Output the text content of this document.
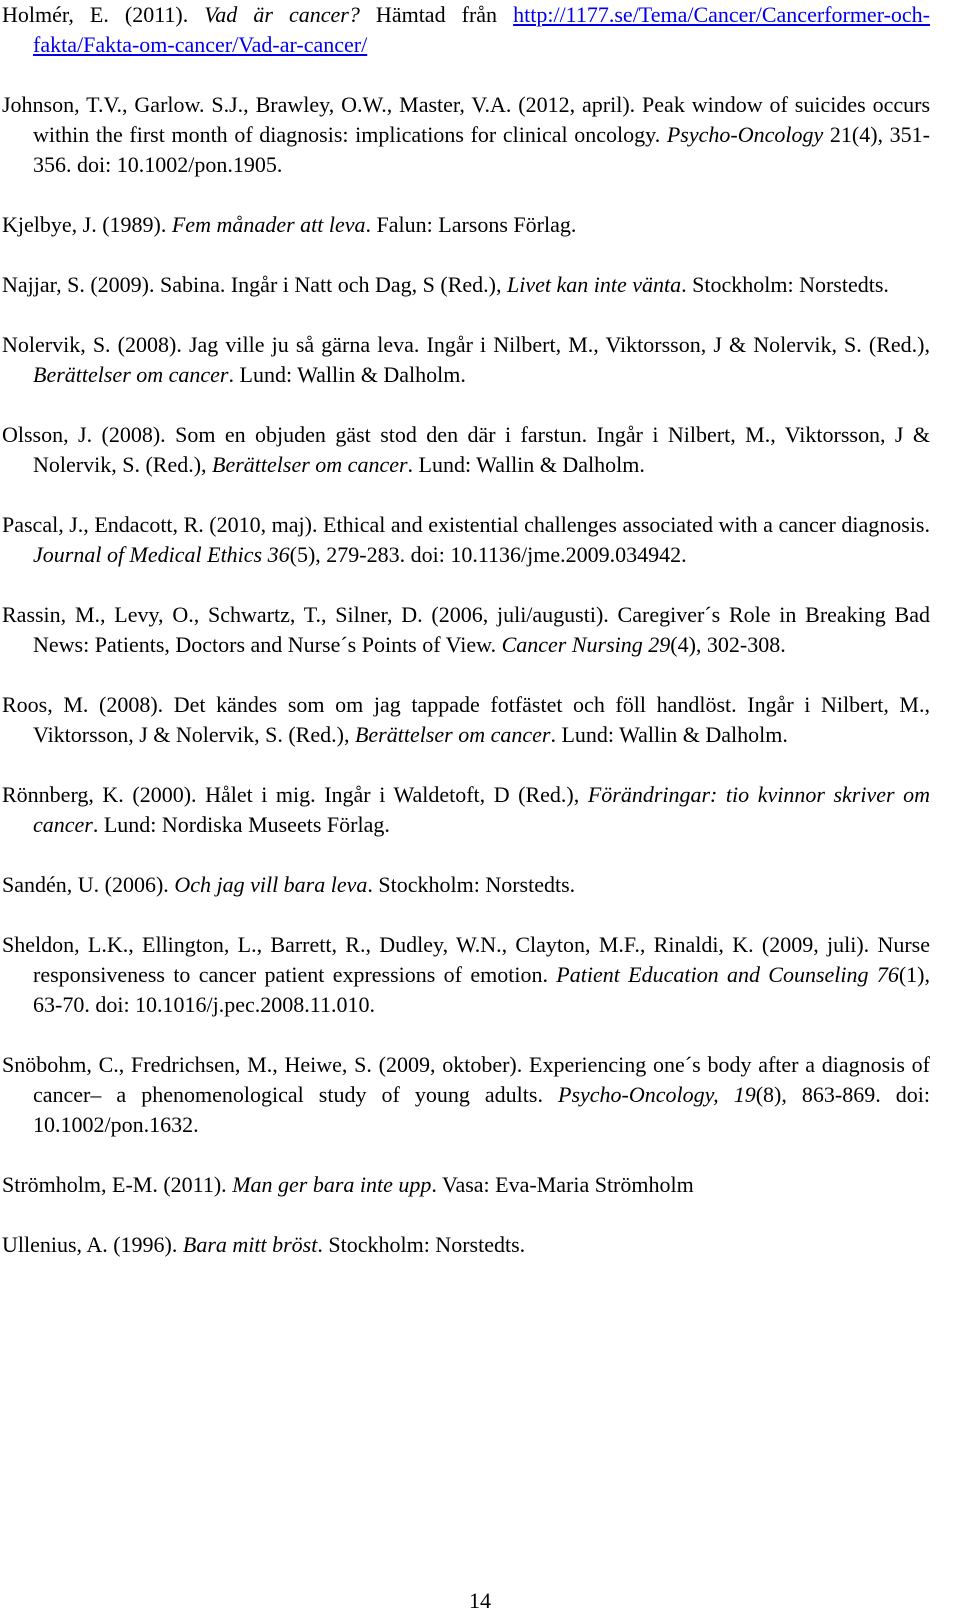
Holmér, E. (2011). Vad är cancer? Hämtad från http://1177.se/Tema/Cancer/Cancerformer-och-fakta/Fakta-om-cancer/Vad-ar-cancer/
Johnson, T.V., Garlow. S.J., Brawley, O.W., Master, V.A. (2012, april). Peak window of suicides occurs within the first month of diagnosis: implications for clinical oncology. Psycho-Oncology 21(4), 351-356. doi: 10.1002/pon.1905.
Kjelbye, J. (1989). Fem månader att leva. Falun: Larsons Förlag.
Najjar, S. (2009). Sabina. Ingår i Natt och Dag, S (Red.), Livet kan inte vänta. Stockholm: Norstedts.
Nolervik, S. (2008). Jag ville ju så gärna leva. Ingår i Nilbert, M., Viktorsson, J & Nolervik, S. (Red.), Berättelser om cancer. Lund: Wallin & Dalholm.
Olsson, J. (2008). Som en objuden gäst stod den där i farstun. Ingår i Nilbert, M., Viktorsson, J & Nolervik, S. (Red.), Berättelser om cancer. Lund: Wallin & Dalholm.
Pascal, J., Endacott, R. (2010, maj). Ethical and existential challenges associated with a cancer diagnosis. Journal of Medical Ethics 36(5), 279-283. doi: 10.1136/jme.2009.034942.
Rassin, M., Levy, O., Schwartz, T., Silner, D. (2006, juli/augusti). Caregiver´s Role in Breaking Bad News: Patients, Doctors and Nurse´s Points of View. Cancer Nursing 29(4), 302-308.
Roos, M. (2008). Det kändes som om jag tappade fotfästet och föll handlöst. Ingår i Nilbert, M., Viktorsson, J & Nolervik, S. (Red.), Berättelser om cancer. Lund: Wallin & Dalholm.
Rönnberg, K. (2000). Hålet i mig. Ingår i Waldetoft, D (Red.), Förändringar: tio kvinnor skriver om cancer. Lund: Nordiska Museets Förlag.
Sandén, U. (2006). Och jag vill bara leva. Stockholm: Norstedts.
Sheldon, L.K., Ellington, L., Barrett, R., Dudley, W.N., Clayton, M.F., Rinaldi, K. (2009, juli). Nurse responsiveness to cancer patient expressions of emotion. Patient Education and Counseling 76(1), 63-70. doi: 10.1016/j.pec.2008.11.010.
Snöbohm, C., Fredrichsen, M., Heiwe, S. (2009, oktober). Experiencing one´s body after a diagnosis of cancer– a phenomenological study of young adults. Psycho-Oncology, 19(8), 863-869. doi: 10.1002/pon.1632.
Strömholm, E-M. (2011). Man ger bara inte upp. Vasa: Eva-Maria Strömholm
Ullenius, A. (1996). Bara mitt bröst. Stockholm: Norstedts.
14
